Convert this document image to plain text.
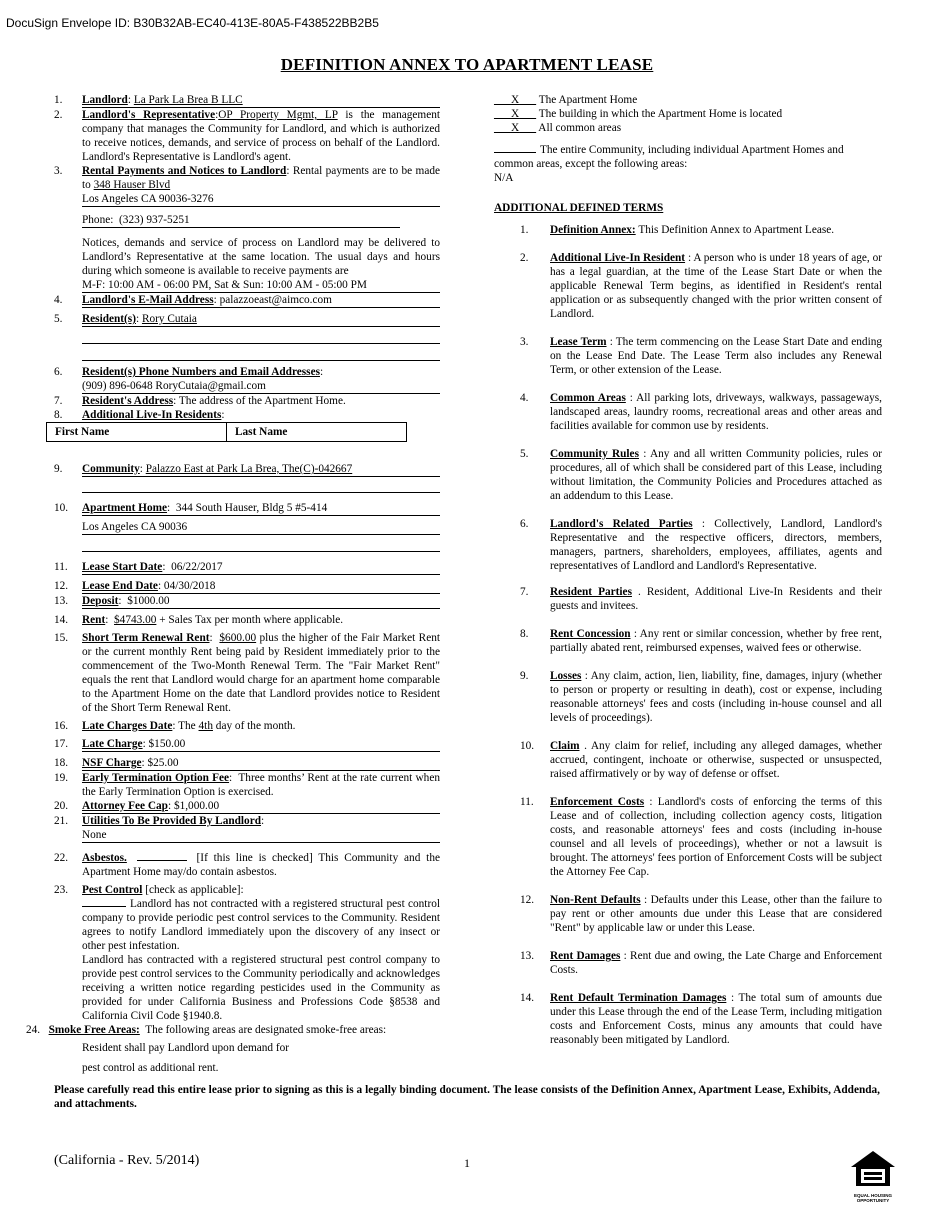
DocuSign Envelope ID: B30B32AB-EC40-413E-80A5-F438522BB2B5
DEFINITION ANNEX TO APARTMENT LEASE
1.	Landlord: La Park La Brea B LLC
2.	Landlord's Representative:OP Property Mgmt, LP is the management company that manages the Community for Landlord, and which is authorized to receive notices, demands, and service of process on behalf of the Landlord. Landlord's Representative is Landlord's agent.
3.	Rental Payments and Notices to Landlord: Rental payments are to be made to 348 Hauser Blvd
Los Angeles CA 90036-3276
Phone: (323) 937-5251
Notices, demands and service of process on Landlord may be delivered to Landlord’s Representative at the same location. The usual days and hours during which someone is available to receive payments are
M-F: 10:00 AM - 06:00 PM, Sat & Sun: 10:00 AM - 05:00 PM
4.	Landlord's E-Mail Address: palazzoeast@aimco.com
5.	Resident(s): Rory Cutaia
6.	Resident(s) Phone Numbers and Email Addresses:
(909) 896-0648 RoryCutaia@gmail.com
7.	Resident's Address: The address of the Apartment Home.
8.	Additional Live-In Residents:
First Name	Last Name
9.	Community: Palazzo East at Park La Brea, The(C)-042667
10.	Apartment Home:  344 South Hauser, Bldg 5 #5-414
Los Angeles CA 90036
11.	Lease Start Date:  06/22/2017
12.	Lease End Date: 04/30/2018
13.	Deposit:  $1000.00
14.	Rent:  $4743.00 + Sales Tax per month where applicable.
15.	Short Term Renewal Rent:  $600.00 plus the higher of the Fair Market Rent or the current monthly Rent being paid by Resident immediately prior to the commencement of the Two-Month Renewal Term. The "Fair Market Rent" equals the rent that Landlord would charge for an apartment home comparable to the Apartment Home on the date that Landlord provides notice to Resident of the Short Term Renewal Rent.
16.	Late Charges Date: The 4th day of the month.
17.	Late Charge: $150.00
18.	NSF Charge: $25.00
19.	Early Termination Option Fee:  Three months’ Rent at the rate current when the Early Termination Option is exercised.
20.	Attorney Fee Cap: $1,000.00
21.	Utilities To Be Provided By Landlord:
None
22.	Asbestos.	[If this line is checked] This Community and the Apartment Home may/do contain asbestos.
23.	Pest Control [check as applicable]:
Landlord has not contracted with a registered structural pest control company to provide periodic pest control services to the Community. Resident agrees to notify Landlord immediately upon the discovery of any insect or other pest infestation.
Landlord has contracted with a registered structural pest control company to provide pest control services to the Community periodically and acknowledges receiving a written notice regarding pesticides used in the Community as provided for under California Business and Professions Code §8538 and California Civil Code §1940.8.
24. Smoke Free Areas: The following areas are designated smoke-free areas:
Resident shall pay Landlord upon demand for
pest control as additional rent.
___X___ The Apartment Home
___X___ The building in which the Apartment Home is located
___X___ All common areas
The entire Community, including individual Apartment Homes and common areas, except the following areas:
N/A
ADDITIONAL DEFINED TERMS
1. Definition Annex: This Definition Annex to Apartment Lease.
2. Additional Live-In Resident : A person who is under 18 years of age, or has a legal guardian, at the time of the Lease Start Date or when the applicable Renewal Term begins, as identified in Resident's rental application or as subsequently changed with the prior written consent of Landlord.
3. Lease Term : The term commencing on the Lease Start Date and ending on the Lease End Date. The Lease Term also includes any Renewal Term, or other extension of the Lease.
4. Common Areas : All parking lots, driveways, walkways, passageways, landscaped areas, laundry rooms, recreational areas and other areas and facilities available for common use by residents.
5. Community Rules : Any and all written Community policies, rules or procedures, all of which shall be considered part of this Lease, including without limitation, the Community Policies and Procedures attached as an addendum to this Lease.
6. Landlord's Related Parties : Collectively, Landlord, Landlord's Representative and the respective officers, directors, members, managers, partners, shareholders, employees, affiliates, agents and representatives of Landlord and Landlord's Representative.
7. Resident Parties . Resident, Additional Live-In Residents and their guests and invitees.
8. Rent Concession : Any rent or similar concession, whether by free rent, partially abated rent, reimbursed expenses, waived fees or otherwise.
9. Losses : Any claim, action, lien, liability, fine, damages, injury (whether to person or property or resulting in death), cost or expense, including reasonable attorneys' fees and costs (including in-house counsel and all levels of proceedings).
10. Claim . Any claim for relief, including any alleged damages, whether accrued, contingent, inchoate or otherwise, suspected or unsuspected, raised affirmatively or by way of defense or offset.
11. Enforcement Costs : Landlord's costs of enforcing the terms of this Lease and of collection, including collection agency costs, litigation costs, and reasonable attorneys' fees and costs (including in-house counsel and all levels of proceedings), whether or not a lawsuit is brought. The attorneys' fees portion of Enforcement Costs will be subject the Attorney Fee Cap.
12. Non-Rent Defaults : Defaults under this Lease, other than the failure to pay rent or other amounts due under this Lease that are considered "Rent" by applicable law or under this Lease.
13. Rent Damages : Rent due and owing, the Late Charge and Enforcement Costs.
14. Rent Default Termination Damages : The total sum of amounts due under this Lease through the end of the Lease Term, including mitigation costs and Enforcement Costs, minus any amounts that could have reasonably been mitigated by Landlord.
Please carefully read this entire lease prior to signing as this is a legally binding document. The lease consists of the Definition Annex, Apartment Lease, Exhibits, Addenda, and attachments.
(California - Rev. 5/2014)	1
EQUAL HOUSING OPPORTUNITY
